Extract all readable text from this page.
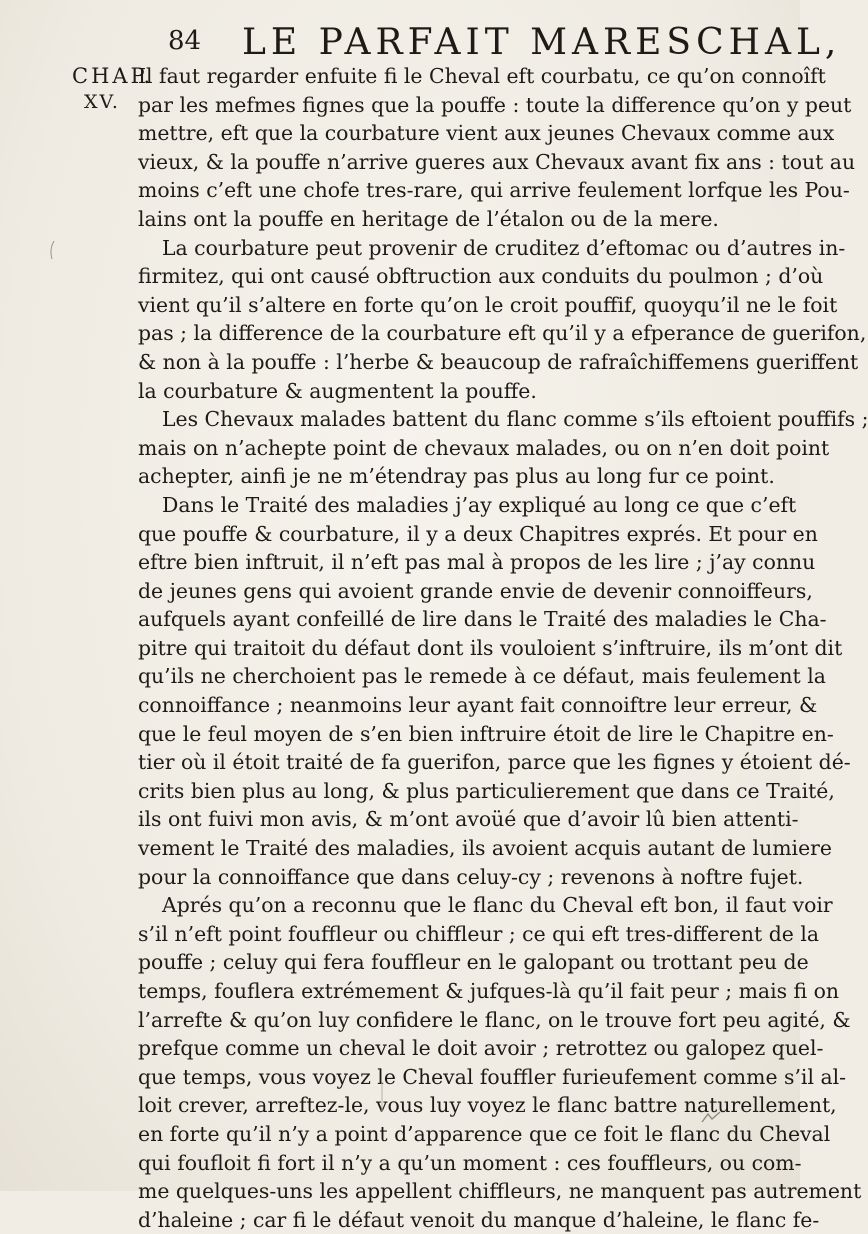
84 LE PARFAIT MARESCHAL,
CHAP.
XV.
Il faut regarder enfuite fi le Cheval eft courbatu, ce qu’on connoîft
par les mefmes fignes que la pouffe : toute la difference qu’on y peut
mettre, eft que la courbature vient aux jeunes Chevaux comme aux
vieux, & la pouffe n’arrive gueres aux Chevaux avant fix ans : tout au
moins c’eft une chofe tres-rare, qui arrive feulement lorfque les Pou-
lains ont la pouffe en heritage de l’étalon ou de la mere.
La courbature peut provenir de cruditez d’eftomac ou d’autres in-
firmitez, qui ont causé obftruction aux conduits du poulmon ; d’où
vient qu’il s’altere en forte qu’on le croit pouffif, quoyqu’il ne le foit
pas ; la difference de la courbature eft qu’il y a efperance de guerifon,
& non à la pouffe : l’herbe & beaucoup de rafraîchiffemens gueriffent
la courbature & augmentent la pouffe.
Les Chevaux malades battent du flanc comme s’ils eftoient pouffifs ;
mais on n’achepte point de chevaux malades, ou on n’en doit point
achepter, ainfi je ne m’étendray pas plus au long fur ce point.
Dans le Traité des maladies j’ay expliqué au long ce que c’eft
que pouffe & courbature, il y a deux Chapitres exprés. Et pour en
eftre bien inftruit, il n’eft pas mal à propos de les lire ; j’ay connu
de jeunes gens qui avoient grande envie de devenir connoiffeurs,
aufquels ayant confeillé de lire dans le Traité des maladies le Cha-
pitre qui traitoit du défaut dont ils vouloient s’inftruire, ils m’ont dit
qu’ils ne cherchoient pas le remede à ce défaut, mais feulement la
connoiffance ; neanmoins leur ayant fait connoiftre leur erreur, &
que le feul moyen de s’en bien inftruire étoit de lire le Chapitre en-
tier où il étoit traité de fa guerifon, parce que les fignes y étoient dé-
crits bien plus au long, & plus particulierement que dans ce Traité,
ils ont fuivi mon avis, & m’ont avoüé que d’avoir lû bien attenti-
vement le Traité des maladies, ils avoient acquis autant de lumiere
pour la connoiffance que dans celuy-cy ; revenons à noftre fujet.
Aprés qu’on a reconnu que le flanc du Cheval eft bon, il faut voir
s’il n’eft point fouffleur ou chiffleur ; ce qui eft tres-different de la
pouffe ; celuy qui fera fouffleur en le galopant ou trottant peu de
temps, fouflera extrémement & jufques-là qu’il fait peur ; mais fi on
l’arrefte & qu’on luy confidere le flanc, on le trouve fort peu agité, &
prefque comme un cheval le doit avoir ; retrottez ou galopez quel-
que temps, vous voyez le Cheval fouffler furieufement comme s’il al-
loit crever, arreftez-le, vous luy voyez le flanc battre naturellement,
en forte qu’il n’y a point d’apparence que ce foit le flanc du Cheval
qui foufloit fi fort il n’y a qu’un moment : ces fouffleurs, ou com-
me quelques-uns les appellent chiffleurs, ne manquent pas autrement
d’haleine ; car fi le défaut venoit du manque d’haleine, le flanc fe-
